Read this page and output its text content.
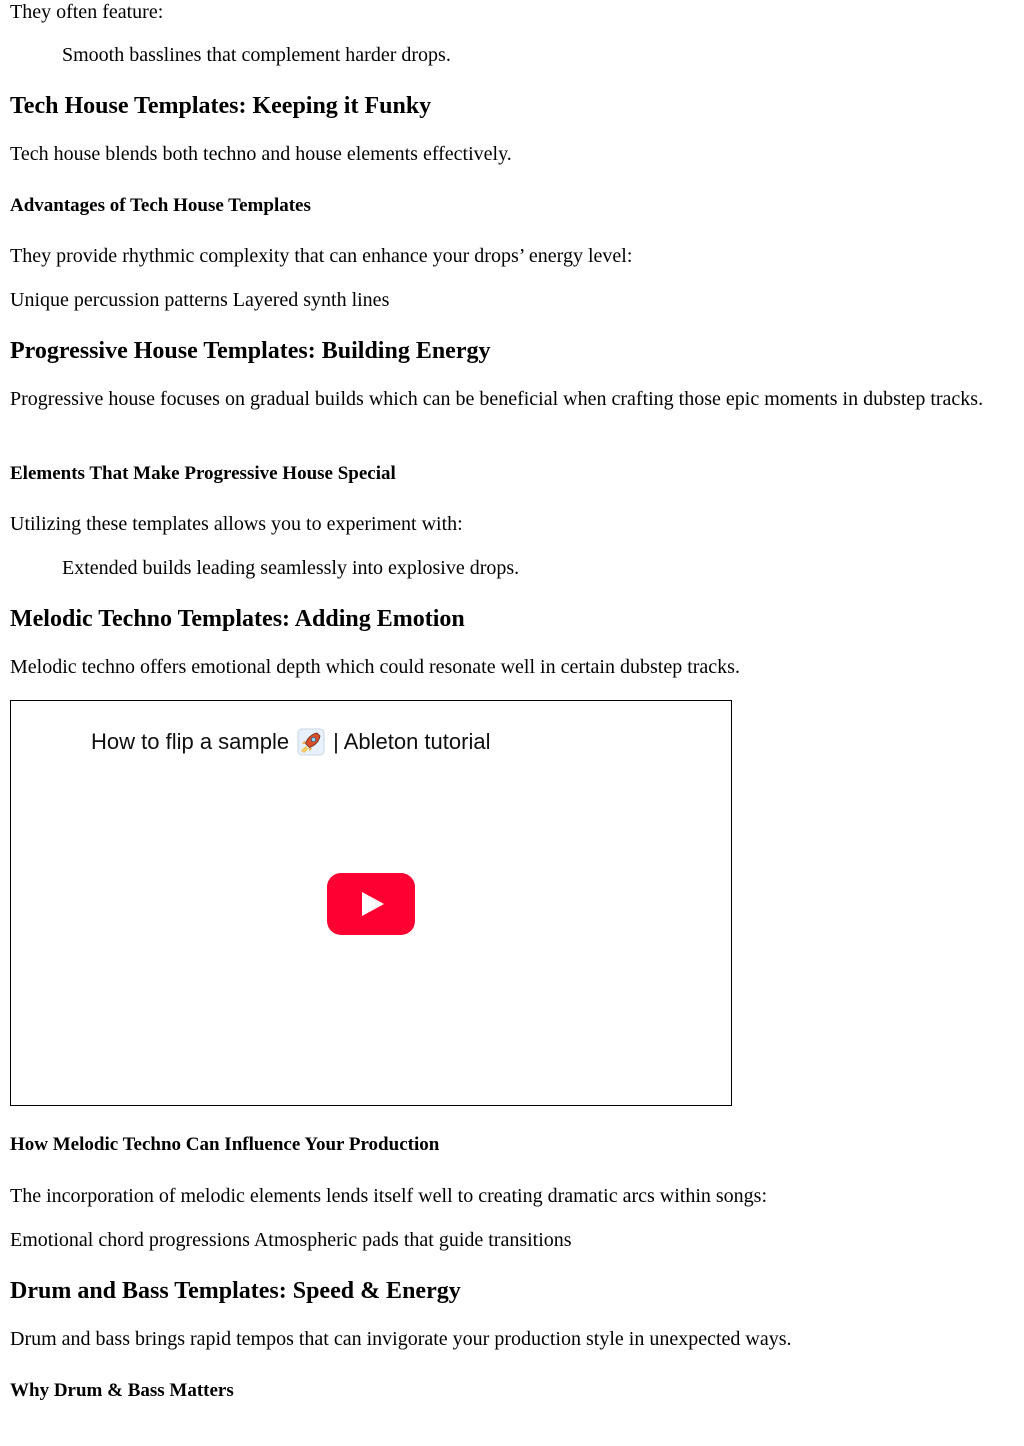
They often feature:

Smooth basslines that complement harder drops.

Tech House Templates: Keeping it Funky

Tech house blends both techno and house elements effectively.

Advantages of Tech House Templates

They provide rhythmic complexity that can enhance your drops’ energy level:

Unique percussion patterns Layered synth lines

Progressive House Templates: Building Energy

Progressive house focuses on gradual builds which can be beneficial when crafting those epic moments in dubstep tracks.

Elements That Make Progressive House Special

Utilizing these templates allows you to experiment with:

Extended builds leading seamlessly into explosive drops.

Melodic Techno Templates: Adding Emotion

Melodic techno offers emotional depth which could resonate well in certain dubstep tracks.

How to flip a sample | Ableton tutorial
How Melodic Techno Can Influence Your Production

The incorporation of melodic elements lends itself well to creating dramatic arcs within songs:

Emotional chord progressions Atmospheric pads that guide transitions

Drum and Bass Templates: Speed & Energy

Drum and bass brings rapid tempos that can invigorate your production style in unexpected ways.

Why Drum & Bass Matters
